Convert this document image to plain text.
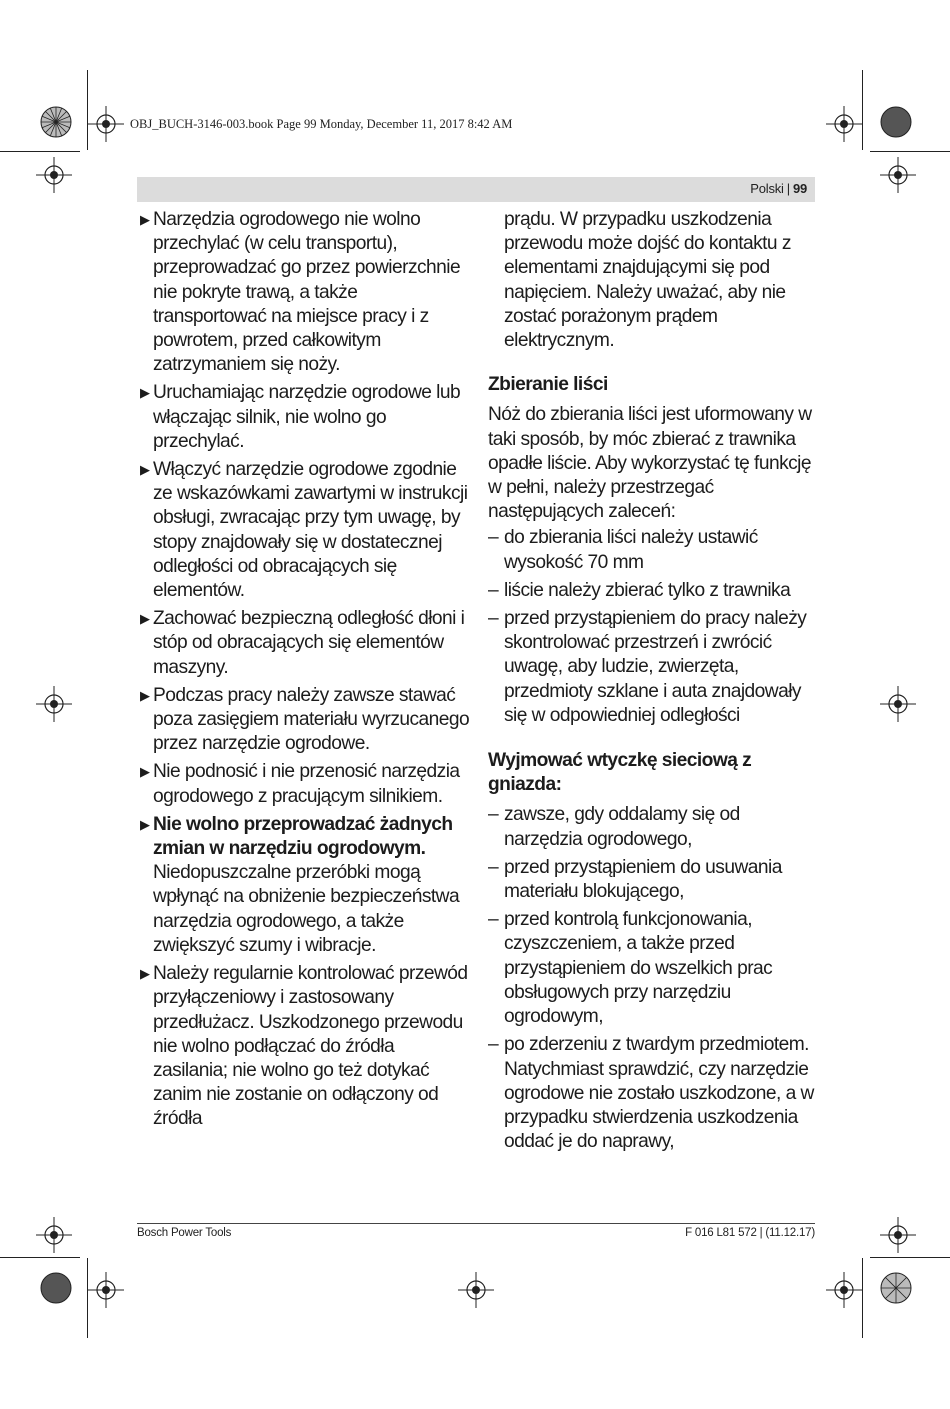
OBJ_BUCH-3146-003.book Page 99 Monday, December 11, 2017 8:42 AM
Polski | 99
▶ Narzędzia ogrodowego nie wolno przechylać (w celu transportu), przeprowadzać go przez powierzchnie nie pokryte trawą, a także transportować na miejsce pracy i z powrotem, przed całkowitym zatrzymaniem się noży.
▶ Uruchamiając narzędzie ogrodowe lub włączając silnik, nie wolno go przechylać.
▶ Włączyć narzędzie ogrodowe zgodnie ze wskazówkami zawartymi w instrukcji obsługi, zwracając przy tym uwagę, by stopy znajdowały się w dostatecznej odległości od obracających się elementów.
▶ Zachować bezpieczną odległość dłoni i stóp od obracających się elementów maszyny.
▶ Podczas pracy należy zawsze stawać poza zasięgiem materiału wyrzucanego przez narzędzie ogrodowe.
▶ Nie podnosić i nie przenosić narzędzia ogrodowego z pracującym silnikiem.
▶ Nie wolno przeprowadzać żadnych zmian w narzędziu ogrodowym. Niedopuszczalne przeróbki mogą wpłynąć na obniżenie bezpieczeństwa narzędzia ogrodowego, a także zwiększyć szumy i wibracje.
▶ Należy regularnie kontrolować przewód przyłączeniowy i zastosowany przedłużacz. Uszkodzonego przewodu nie wolno podłączać do źródła zasilania; nie wolno go też dotykać zanim nie zostanie on odłączony od źródła
prądu. W przypadku uszkodzenia przewodu może dojść do kontaktu z elementami znajdującymi się pod napięciem. Należy uważać, aby nie zostać porażonym prądem elektrycznym.
Zbieranie liści
Nóż do zbierania liści jest uformowany w taki sposób, by móc zbierać z trawnika opadłe liście. Aby wykorzystać tę funkcję w pełni, należy przestrzegać następujących zaleceń:
– do zbierania liści należy ustawić wysokość 70 mm
– liście należy zbierać tylko z trawnika
– przed przystąpieniem do pracy należy skontrolować przestrzeń i zwrócić uwagę, aby ludzie, zwierzęta, przedmioty szklane i auta znajdowały się w odpowiedniej odległości
Wyjmować wtyczkę sieciową z gniazda:
– zawsze, gdy oddalamy się od narzędzia ogrodowego,
– przed przystąpieniem do usuwania materiału blokującego,
– przed kontrolą funkcjonowania, czyszczeniem, a także przed przystąpieniem do wszelkich prac obsługowych przy narzędziu ogrodowym,
– po zderzeniu z twardym przedmiotem. Natychmiast sprawdzić, czy narzędzie ogrodowe nie zostało uszkodzone, a w przypadku stwierdzenia uszkodzenia oddać je do naprawy,
Bosch Power Tools	F 016 L81 572 | (11.12.17)
